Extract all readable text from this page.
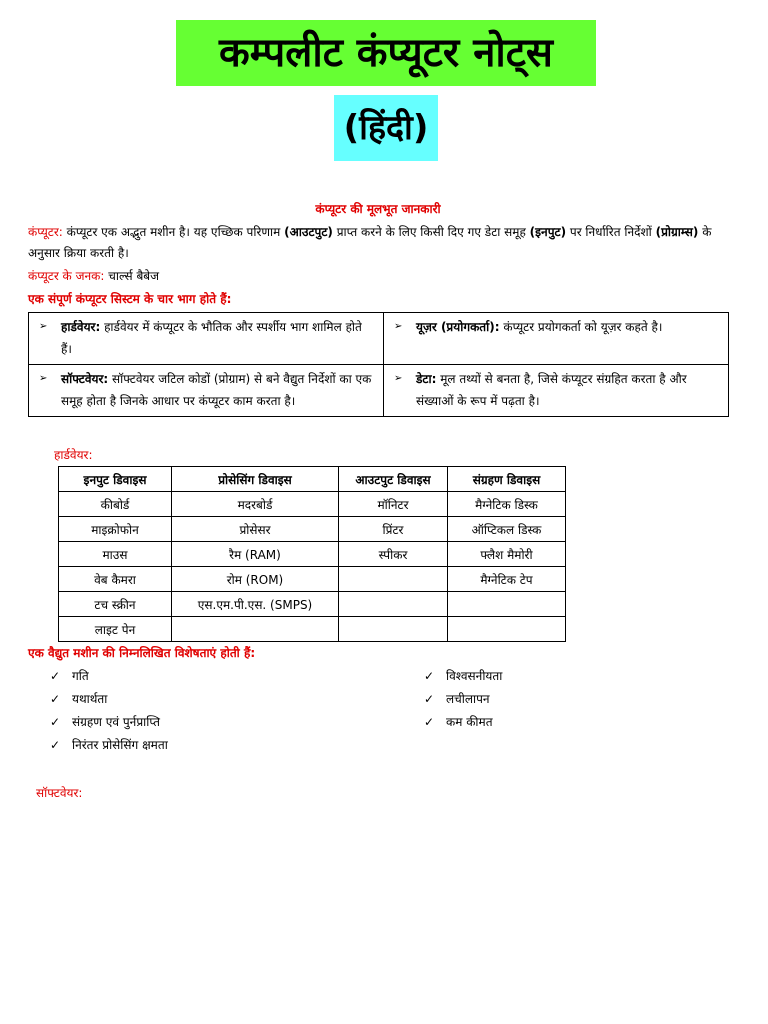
कम्पलीट कंप्यूटर नोट्स
(हिंदी)
कंप्यूटर की मूलभूत जानकारी
कंप्यूटर: कंप्यूटर एक अद्भुत मशीन है। यह एच्छिक परिणाम (आउटपुट) प्राप्त करने के लिए किसी दिए गए डेटा समूह (इनपुट) पर निर्धारित निर्देशों (प्रोग्राम्स) के अनुसार क्रिया करती है।
कंप्यूटर के जनक: चार्ल्स बैबेज
एक संपूर्ण कंप्यूटर सिस्टम के चार भाग होते हैं:
➢ हार्डवेयर: हार्डवेयर में कंप्यूटर के भौतिक और स्पर्शीय भाग शामिल होते हैं।	➢ यूज़र (प्रयोगकर्ता): कंप्यूटर प्रयोगकर्ता को यूज़र कहते है।

➢ सॉफ्टवेयर: सॉफ्टवेयर जटिल कोडों (प्रोग्राम) से बने वैद्युत निर्देशों का एक समूह होता है जिनके आधार पर कंप्यूटर काम करता है।	➢ डेटा: मूल तथ्यों से बनता है, जिसे कंप्यूटर संग्रहित करता है और संख्याओं के रूप में पढ़ता है।
हार्डवेयर:
इनपुट डिवाइस	प्रोसेसिंग डिवाइस	आउटपुट डिवाइस	संग्रहण डिवाइस
कीबोर्ड	मदरबोर्ड	मॉनिटर	मैग्नेटिक डिस्क
माइक्रोफोन	प्रोसेसर	प्रिंटर	ऑप्टिकल डिस्क
माउस	रैम (RAM)	स्पीकर	फ्लैश मैमोरी
वेब कैमरा	रोम (ROM)		मैग्नेटिक टेप
टच स्क्रीन	एस.एम.पी.एस. (SMPS)		
लाइट पेन			
एक वैद्युत मशीन की निम्नलिखित विशेषताएं होती हैं:
✓ गति
✓ यथार्थता
✓ संग्रहण एवं पुर्नप्राप्ति
✓ निरंतर प्रोसेसिंग क्षमता
✓ विश्वसनीयता
✓ लचीलापन
✓ कम कीमत
सॉफ्टवेयर:
